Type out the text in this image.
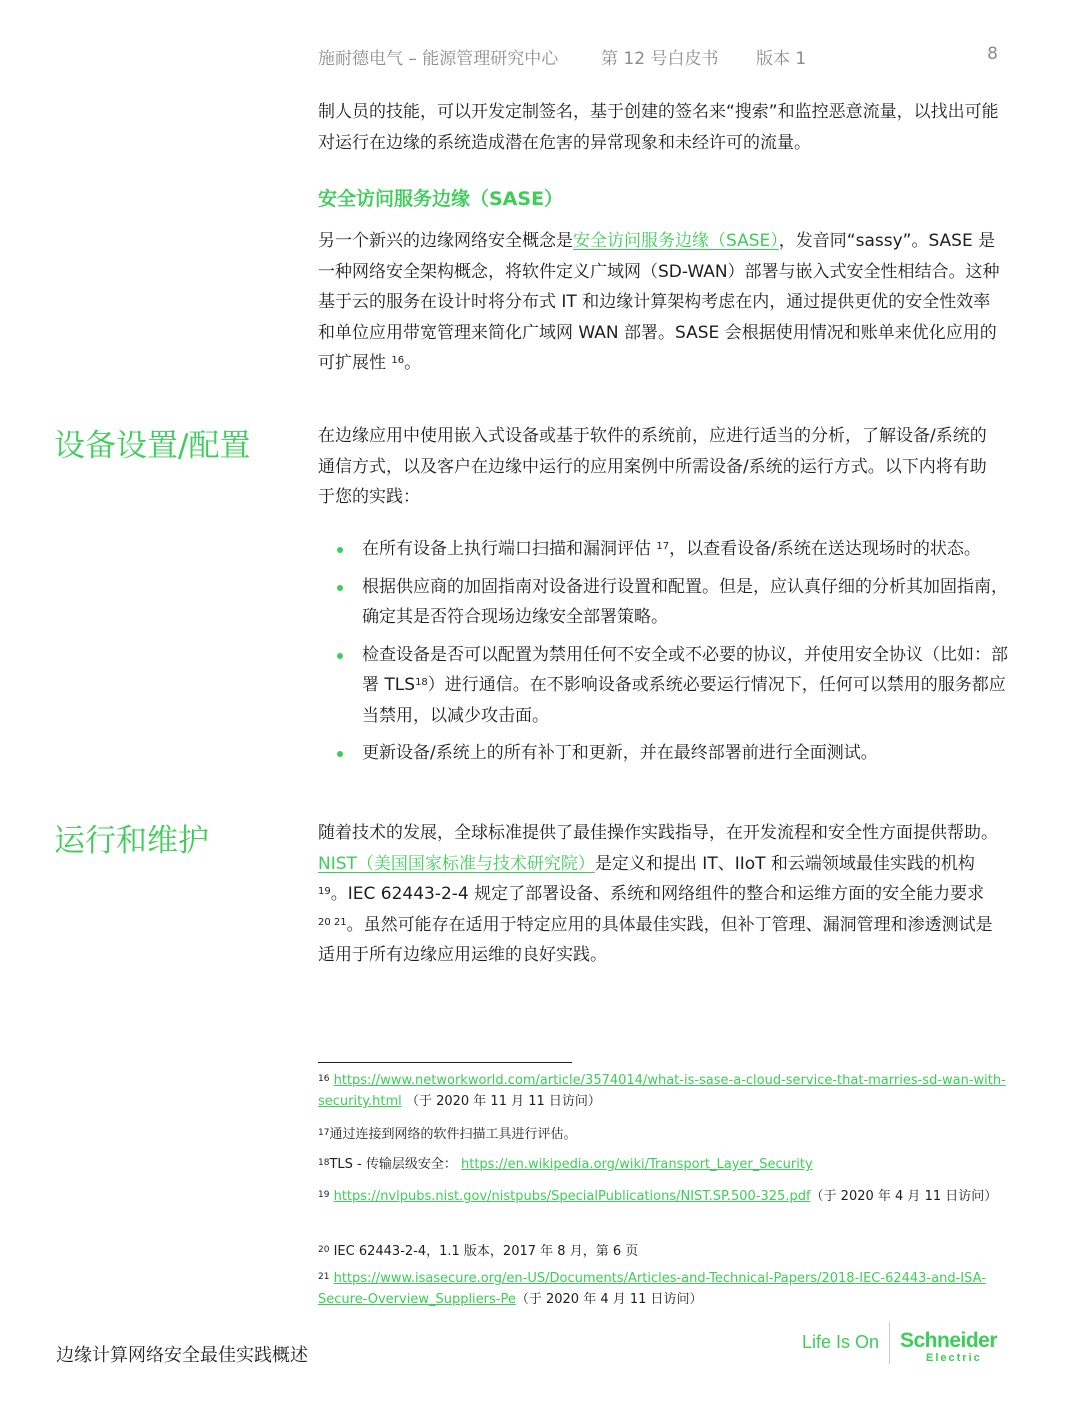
施耐德电气 – 能源管理研究中心	第 12 号白皮书 版本 1	8

制人员的技能，可以开发定制签名，基于创建的签名来“搜索”和监控恶意流量，以找出可能对运行在边缘的系统造成潜在危害的异常现象和未经许可的流量。

安全访问服务边缘（SASE）

另一个新兴的边缘网络安全概念是安全访问服务边缘（SASE），发音同“sassy”。SASE 是一种网络安全架构概念，将软件定义广域网（SD-WAN）部署与嵌入式安全性相结合。这种基于云的服务在设计时将分布式 IT 和边缘计算架构考虑在内，通过提供更优的安全性效率和单位应用带宽管理来简化广域网 WAN 部署。SASE 会根据使用情况和账单来优化应用的可扩展性 $^{16}$。

设备设置/配置	在边缘应用中使用嵌入式设备或基于软件的系统前，应进行适当的分析，了解设备/系统的通信方式，以及客户在边缘中运行的应用案例中所需设备/系统的运行方式。以下内将有助于您的实践：

在所有设备上执行端口扫描和漏洞评估 $^{17}$，以查看设备/系统在送达现场时的状态。
根据供应商的加固指南对设备进行设置和配置。但是，应认真仔细的分析其加固指南，确定其是否符合现场边缘安全部署策略。
检查设备是否可以配置为禁用任何不安全或不必要的协议，并使用安全协议（比如：部署 TLS$^{18}$）进行通信。在不影响设备或系统必要运行情况下，任何可以禁用的服务都应当禁用，以减少攻击面。
更新设备/系统上的所有补丁和更新，并在最终部署前进行全面测试。
运行和维护	随着技术的发展，全球标准提供了最佳操作实践指导，在开发流程和安全性方面提供帮助。NIST（美国国家标准与技术研究院）是定义和提出 IT、IIoT 和云端领域最佳实践的机构 $^{19}$。IEC 62443-2-4 规定了部署设备、系统和网络组件的整合和运维方面的安全能力要求 $^{20 21}$。虽然可能存在适用于特定应用的具体最佳实践，但补丁管理、漏洞管理和渗透测试是适用于所有边缘应用运维的良好实践。

$^{16}$ https://www.networkworld.com/article/3574014/what-is-sase-a-cloud-service-that-marries-sd-wan-with-security.html （于 2020 年 11 月 11 日访问）

$^{17}$通过连接到网络的软件扫描工具进行评估。

$^{18}$TLS - 传输层级安全： https://en.wikipedia.org/wiki/Transport_Layer_Security

$^{19}$ https://nvlpubs.nist.gov/nistpubs/SpecialPublications/NIST.SP.500-325.pdf（于 2020 年 4 月 11 日访问）

$^{20}$ IEC 62443-2-4，1.1 版本，2017 年 8 月，第 6 页

$^{21}$ https://www.isasecure.org/en-US/Documents/Articles-and-Technical-Papers/2018-IEC-62443-and-ISA-Secure-Overview_Suppliers-Pe（于 2020 年 4 月 11 日访问）

边缘计算网络安全最佳实践概述
Life Is On Schneider
Electric
